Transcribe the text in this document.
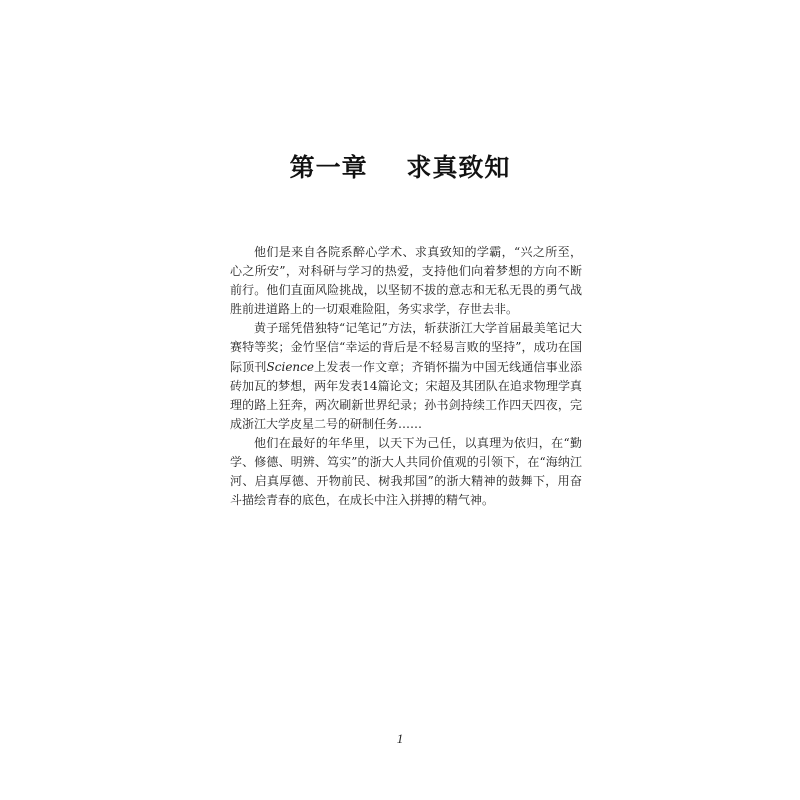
第一章    求真致知

他们是来自各院系醉心学术、求真致知的学霸，“兴之所至，心之所安”，对科研与学习的热爱，支持他们向着梦想的方向不断前行。他们直面风险挑战，以坚韧不拔的意志和无私无畏的勇气战胜前进道路上的一切艰难险阻，务实求学，存世去非。

黄子瑶凭借独特“记笔记”方法，斩获浙江大学首届最美笔记大赛特等奖；金竹坚信“幸运的背后是不轻易言败的坚持”，成功在国际顶刊Science上发表一作文章；齐销怀揣为中国无线通信事业添砖加瓦的梦想，两年发表14篇论文；宋超及其团队在追求物理学真理的路上狂奔，两次刷新世界纪录；孙书剑持续工作四天四夜，完成浙江大学皮星二号的研制任务……

他们在最好的年华里，以天下为己任，以真理为依归，在“勤学、修德、明辨、笃实”的浙大人共同价值观的引领下，在“海纳江河、启真厚德、开物前民、树我邦国”的浙大精神的鼓舞下，用奋斗描绘青春的底色，在成长中注入拼搏的精气神。

1
